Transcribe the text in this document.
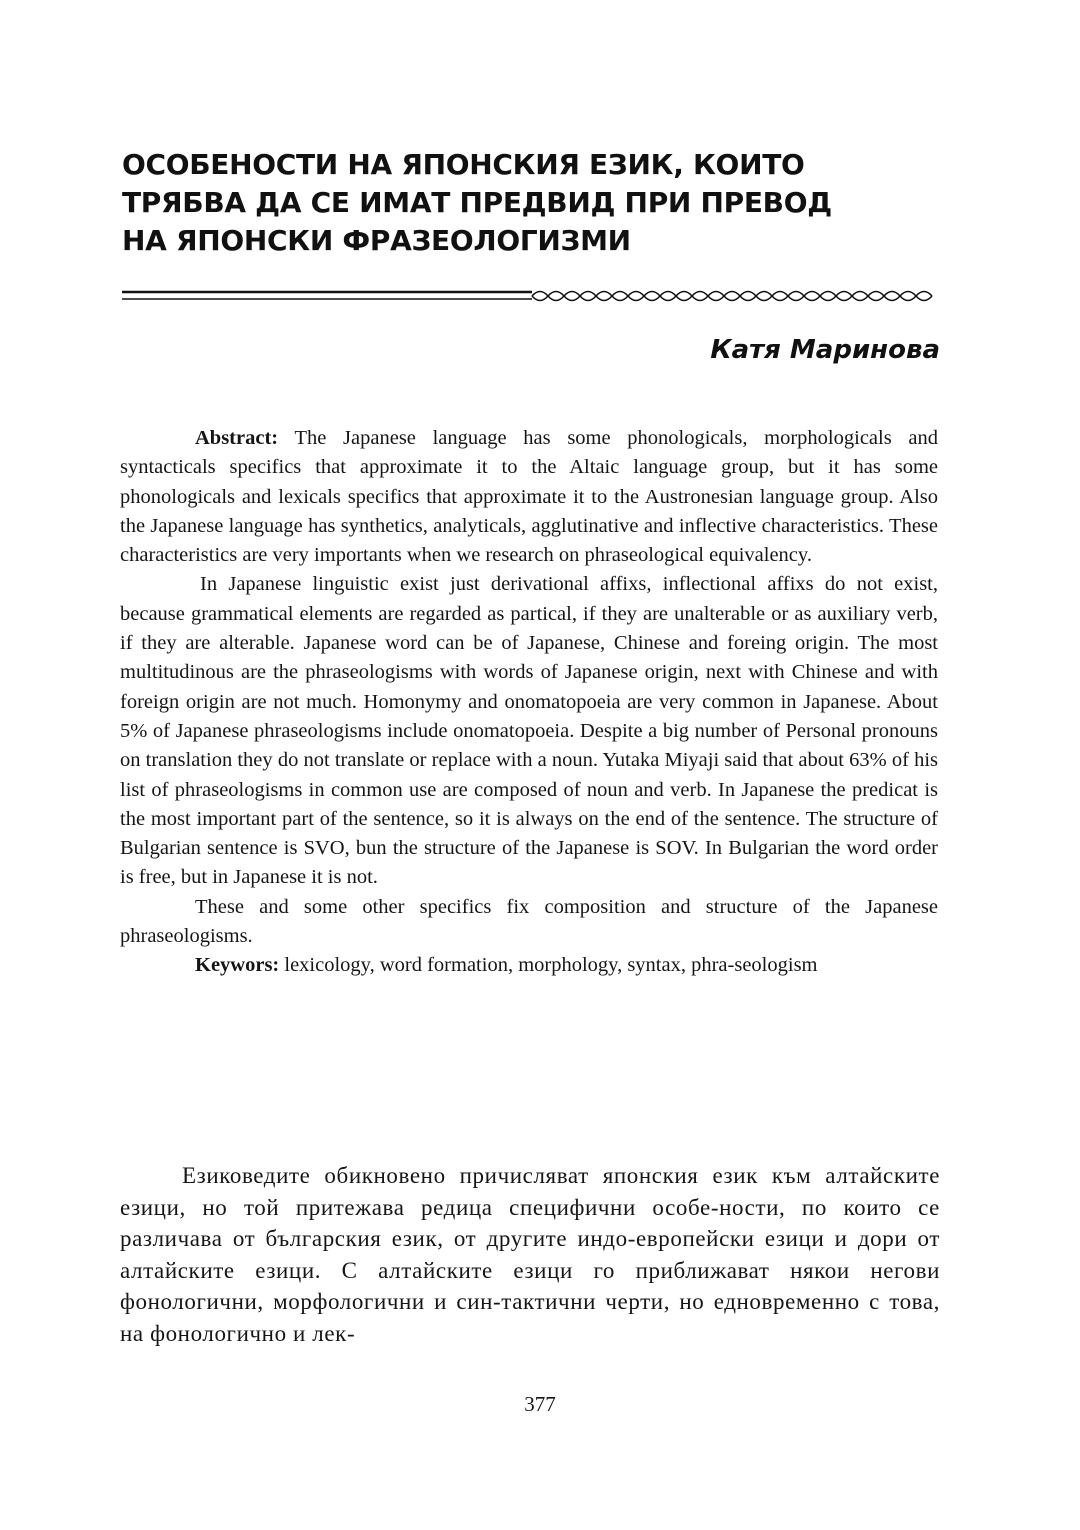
ОСОБЕНОСТИ НА ЯПОНСКИЯ ЕЗИК, КОИТО
ТРЯБВА ДА СЕ ИМАТ ПРЕДВИД ПРИ ПРЕВОД
НА ЯПОНСКИ ФРАЗЕОЛОГИЗМИ
Катя Маринова

Abstract: The Japanese language has some phonologicals, morphologicals and syntacticals specifics that approximate it to the Altaic language group, but it has some phonologicals and lexicals specifics that approximate it to the Austronesian language group. Also the Japanese language has synthetics, analyticals, agglutinative and inflective characteristics. These characteristics are very importants when we research on phraseological equivalency.

In Japanese linguistic exist just derivational affixs, inflectional affixs do not exist, because grammatical elements are regarded as partical, if they are unalterable or as auxiliary verb, if they are alterable. Japanese word can be of Japanese, Chinese and foreing origin. The most multitudinous are the phraseologisms with words of Japanese origin, next with Chinese and with foreign origin are not much. Homonymy and onomatopoeia are very common in Japanese. About 5% of Japanese phraseologisms include onomatopoeia. Despite a big number of Personal pronouns on translation they do not translate or replace with a noun. Yutaka Miyaji said that about 63% of his list of phraseologisms in common use are composed of noun and verb. In Japanese the predicat is the most important part of the sentence, so it is always on the end of the sentence. The structure of Bulgarian sentence is SVO, bun the structure of the Japanese is SOV. In Bulgarian the word order is free, but in Japanese it is not.

These and some other specifics fix composition and structure of the Japanese phraseologisms.

Keywors: lexicology, word formation, morphology, syntax, phra-seologism

Езиковедите обикновено причисляват японския език към алтайските езици, но той притежава редица специфични особе-ности, по които се различава от българския език, от другите индо-европейски езици и дори от алтайските езици. С алтайските езици го приближават някои негови фонологични, морфологични и син-тактични черти, но едновременно с това, на фонологично и лек-

377
